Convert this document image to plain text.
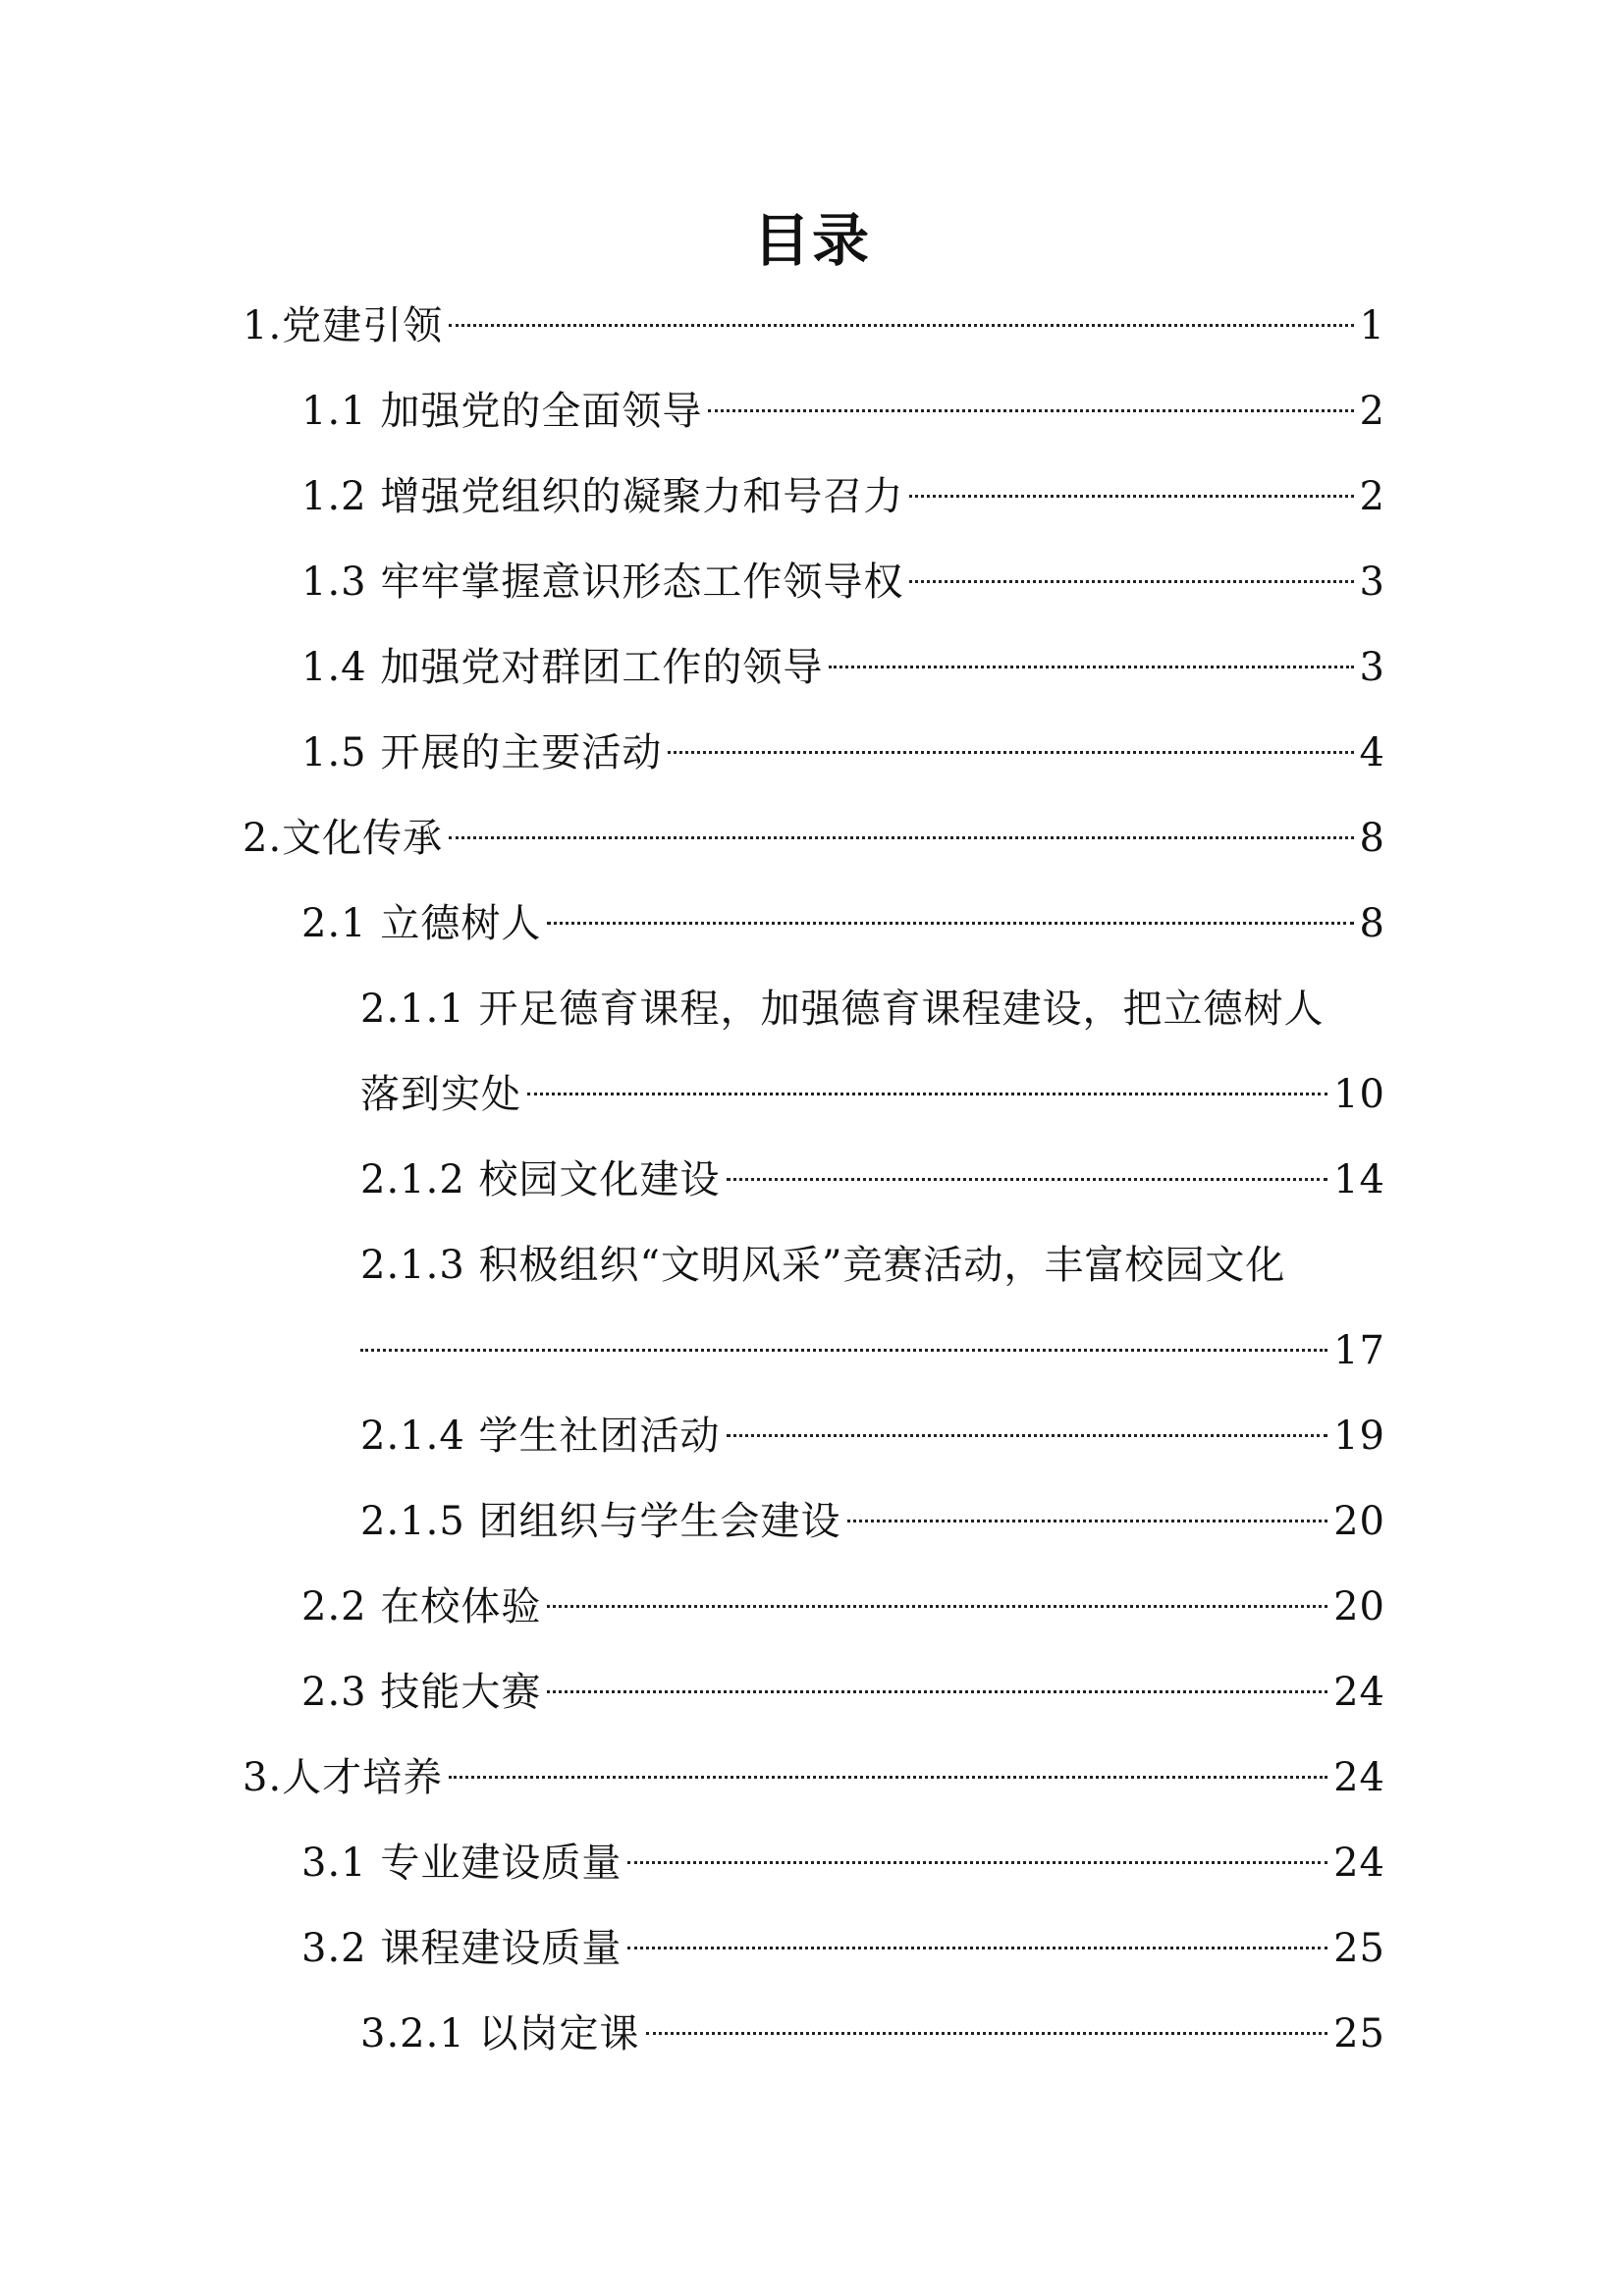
目录
1.党建引领	1
1.1 加强党的全面领导	2
1.2 增强党组织的凝聚力和号召力	2
1.3 牢牢掌握意识形态工作领导权	3
1.4 加强党对群团工作的领导	3
1.5 开展的主要活动	4
2.文化传承	8
2.1 立德树人	8
2.1.1 开足德育课程，加强德育课程建设，把立德树人
落到实处	10
2.1.2 校园文化建设	14
2.1.3 积极组织“文明风采”竞赛活动，丰富校园文化
17
2.1.4 学生社团活动	19
2.1.5 团组织与学生会建设	20
2.2 在校体验	20
2.3 技能大赛	24
3.人才培养	24
3.1 专业建设质量	24
3.2 课程建设质量	25
3.2.1 以岗定课	25
